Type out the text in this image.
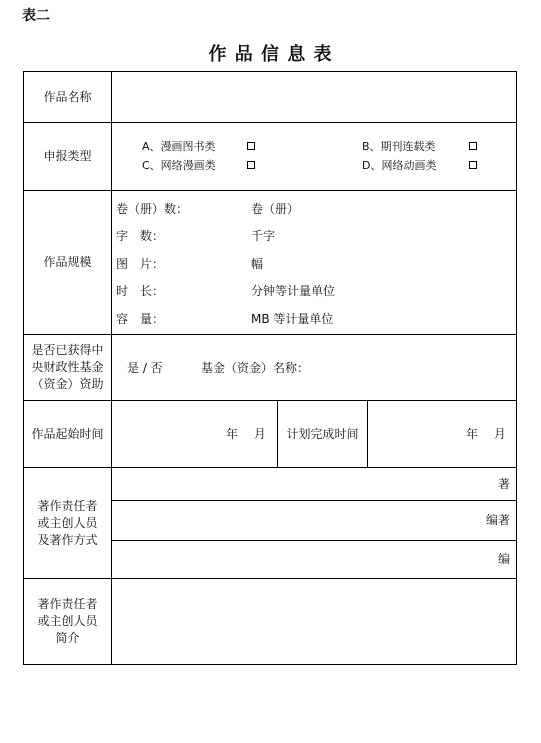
表二
作 品 信 息 表
作品名称
申报类型
A、漫画图书类	B、期刊连载类
C、网络漫画类	D、网络动画类
作品规模
卷（册）数：	卷（册）
字　数：	千字
图　片：	幅
时　长：	分钟等计量单位
容　量：	MB 等计量单位
是否已获得中
央财政性基金
（资金）资助
是 / 否	基金（资金）名称：
作品起始时间	年　 月	计划完成时间	年　 月
著作责任者
或主创人员
及著作方式
著
编著
编
著作责任者
或主创人员
简介
